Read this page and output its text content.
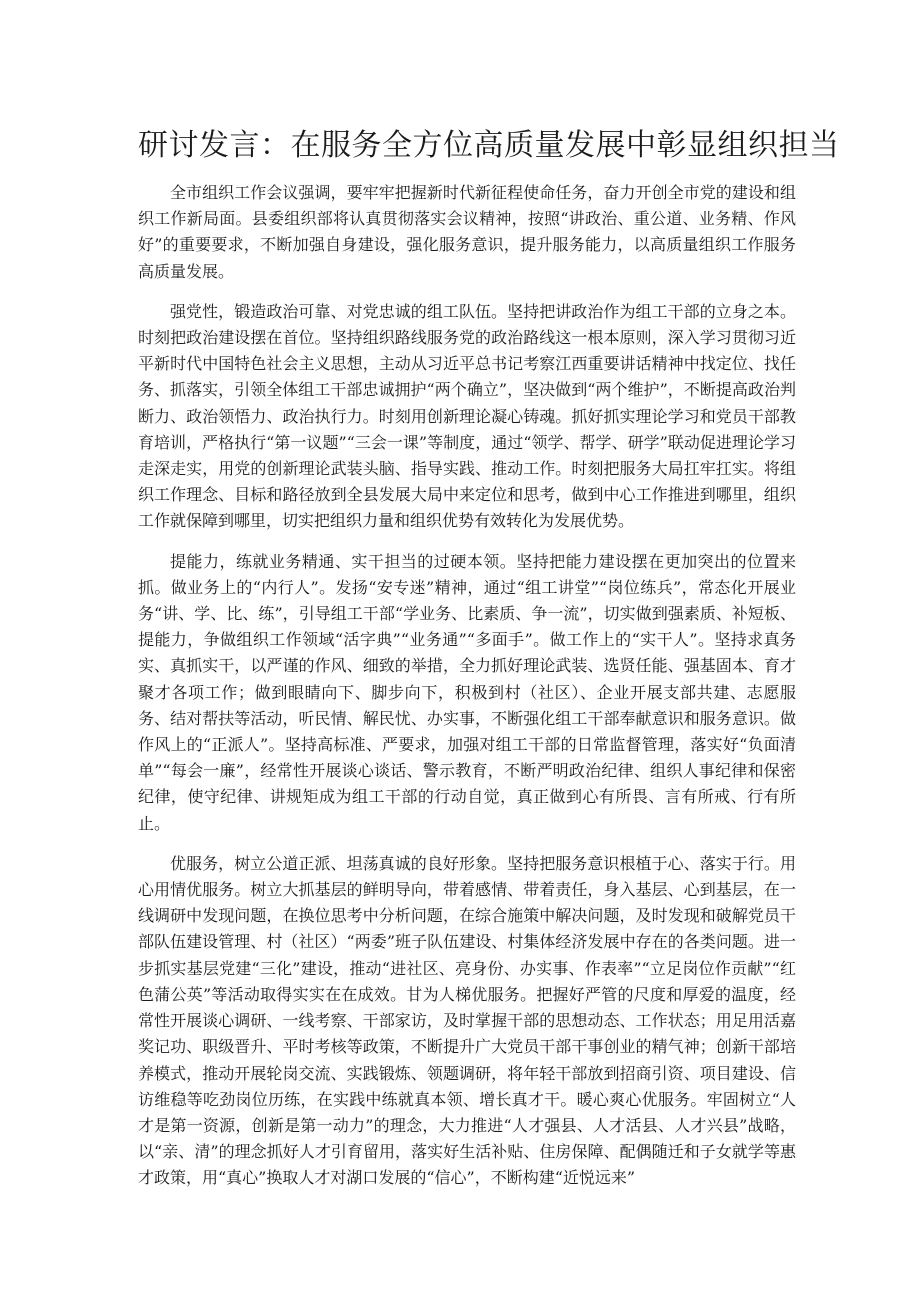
研讨发言：在服务全方位高质量发展中彰显组织担当

全市组织工作会议强调，要牢牢把握新时代新征程使命任务，奋力开创全市党的建设和组织工作新局面。县委组织部将认真贯彻落实会议精神，按照“讲政治、重公道、业务精、作风好”的重要要求，不断加强自身建设，强化服务意识，提升服务能力，以高质量组织工作服务高质量发展。

强党性，锻造政治可靠、对党忠诚的组工队伍。坚持把讲政治作为组工干部的立身之本。时刻把政治建设摆在首位。坚持组织路线服务党的政治路线这一根本原则，深入学习贯彻习近平新时代中国特色社会主义思想，主动从习近平总书记考察江西重要讲话精神中找定位、找任务、抓落实，引领全体组工干部忠诚拥护“两个确立”，坚决做到“两个维护”，不断提高政治判断力、政治领悟力、政治执行力。时刻用创新理论凝心铸魂。抓好抓实理论学习和党员干部教育培训，严格执行“第一议题”“三会一课”等制度，通过“领学、帮学、研学”联动促进理论学习走深走实，用党的创新理论武装头脑、指导实践、推动工作。时刻把服务大局扛牢扛实。将组织工作理念、目标和路径放到全县发展大局中来定位和思考，做到中心工作推进到哪里，组织工作就保障到哪里，切实把组织力量和组织优势有效转化为发展优势。

提能力，练就业务精通、实干担当的过硬本领。坚持把能力建设摆在更加突出的位置来抓。做业务上的“内行人”。发扬“安专迷”精神，通过“组工讲堂”“岗位练兵”，常态化开展业务“讲、学、比、练”，引导组工干部“学业务、比素质、争一流”，切实做到强素质、补短板、提能力，争做组织工作领域“活字典”“业务通”“多面手”。做工作上的“实干人”。坚持求真务实、真抓实干，以严谨的作风、细致的举措，全力抓好理论武装、选贤任能、强基固本、育才聚才各项工作；做到眼睛向下、脚步向下，积极到村（社区）、企业开展支部共建、志愿服务、结对帮扶等活动，听民情、解民忧、办实事，不断强化组工干部奉献意识和服务意识。做作风上的“正派人”。坚持高标准、严要求，加强对组工干部的日常监督管理，落实好“负面清单”“每会一廉”，经常性开展谈心谈话、警示教育，不断严明政治纪律、组织人事纪律和保密纪律，使守纪律、讲规矩成为组工干部的行动自觉，真正做到心有所畏、言有所戒、行有所止。

优服务，树立公道正派、坦荡真诚的良好形象。坚持把服务意识根植于心、落实于行。用心用情优服务。树立大抓基层的鲜明导向，带着感情、带着责任，身入基层、心到基层，在一线调研中发现问题，在换位思考中分析问题，在综合施策中解决问题，及时发现和破解党员干部队伍建设管理、村（社区）“两委”班子队伍建设、村集体经济发展中存在的各类问题。进一步抓实基层党建“三化”建设，推动“进社区、亮身份、办实事、作表率”“立足岗位作贡献”“红色蒲公英”等活动取得实实在在成效。甘为人梯优服务。把握好严管的尺度和厚爱的温度，经常性开展谈心调研、一线考察、干部家访，及时掌握干部的思想动态、工作状态；用足用活嘉奖记功、职级晋升、平时考核等政策，不断提升广大党员干部干事创业的精气神；创新干部培养模式，推动开展轮岗交流、实践锻炼、领题调研，将年轻干部放到招商引资、项目建设、信访维稳等吃劲岗位历练，在实践中练就真本领、增长真才干。暖心爽心优服务。牢固树立“人才是第一资源，创新是第一动力”的理念，大力推进“人才强县、人才活县、人才兴县”战略，以“亲、清”的理念抓好人才引育留用，落实好生活补贴、住房保障、配偶随迁和子女就学等惠才政策，用“真心”换取人才对湖口发展的“信心”，不断构建“近悦远来”
